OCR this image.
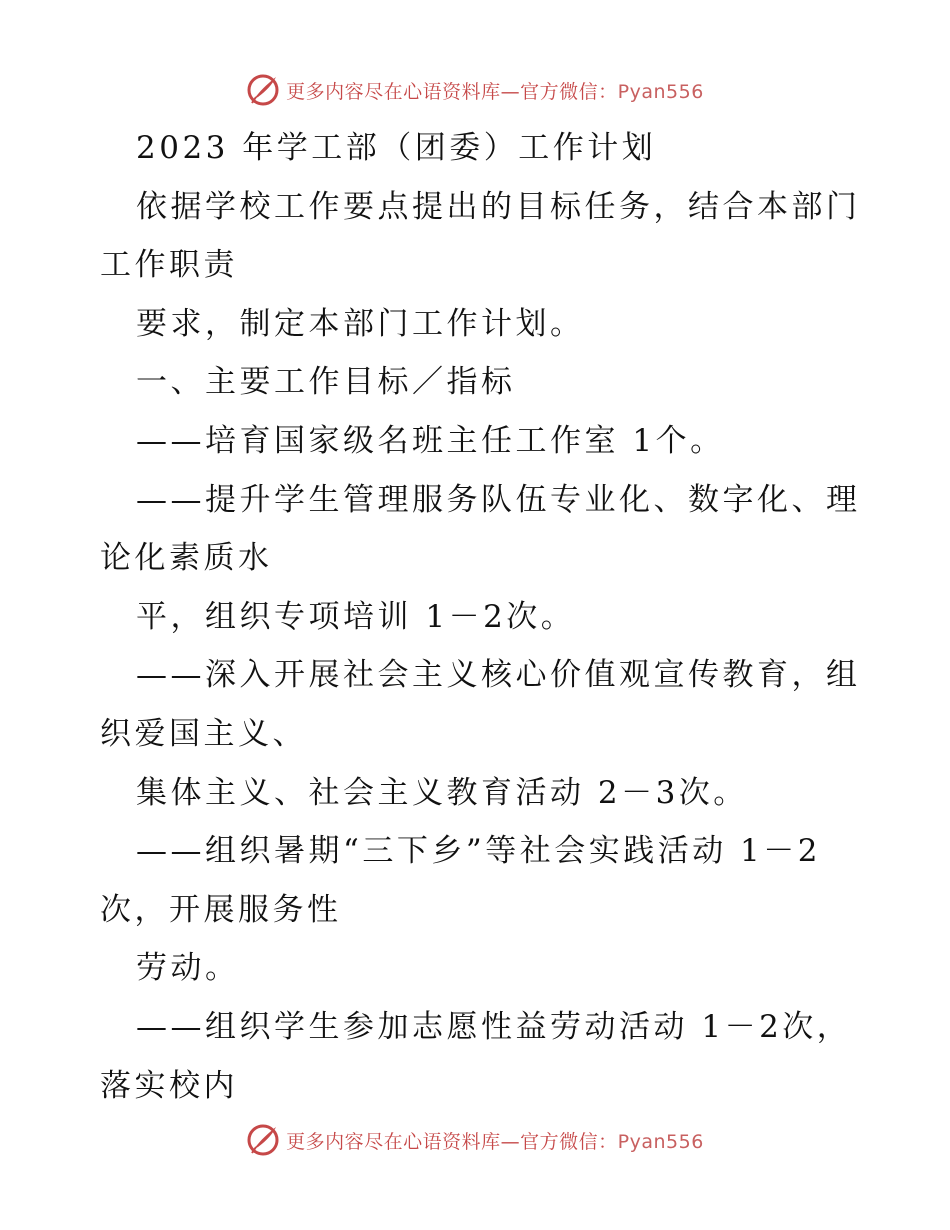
更多内容尽在心语资料库—官方微信：Pyan556
2023 年学工部（团委）工作计划
依据学校工作要点提出的目标任务，结合本部门
工作职责
要求，制定本部门工作计划。
一、主要工作目标／指标
——培育国家级名班主任工作室 1个。
——提升学生管理服务队伍专业化、数字化、理
论化素质水
平，组织专项培训 1－2次。
——深入开展社会主义核心价值观宣传教育，组
织爱国主义、
集体主义、社会主义教育活动 2－3次。
——组织暑期“三下乡”等社会实践活动 1－2
次，开展服务性
劳动。
——组织学生参加志愿性益劳动活动 1－2次，
落实校内
更多内容尽在心语资料库—官方微信：Pyan556
